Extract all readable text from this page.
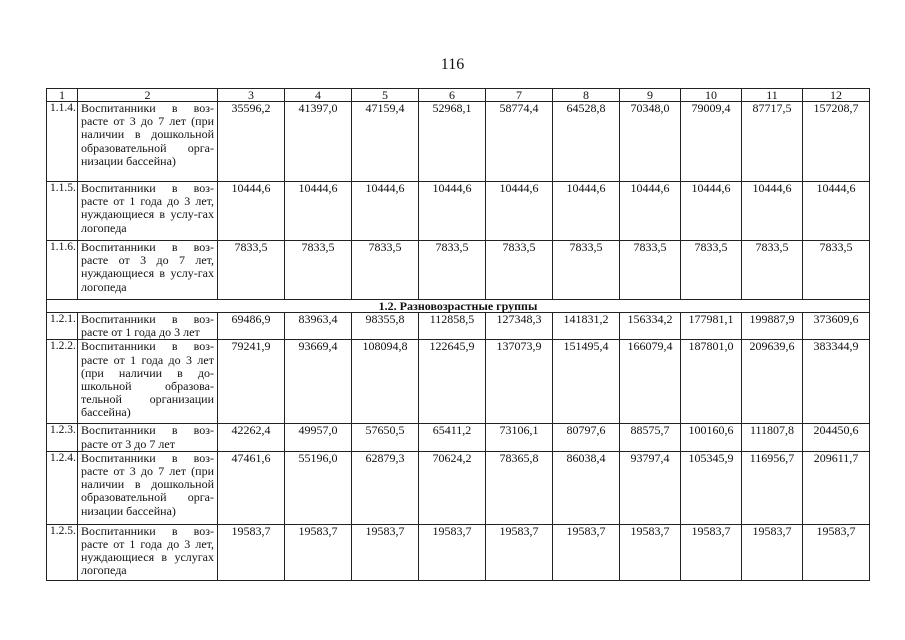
116
1	2	3	4	5	6	7	8	9	10	11	12
1.1.4.	Воспитанники в воз-расте от 3 до 7 лет (при наличии в дошкольной образовательной орга-низации бассейна)	35596,2	41397,0	47159,4	52968,1	58774,4	64528,8	70348,0	79009,4	87717,5	157208,7
1.1.5.	Воспитанники в воз-расте от 1 года до 3 лет, нуждающиеся в услу-гах логопеда	10444,6	10444,6	10444,6	10444,6	10444,6	10444,6	10444,6	10444,6	10444,6	10444,6
1.1.6.	Воспитанники в воз-расте от 3 до 7 лет, нуждающиеся в услу-гах логопеда	7833,5	7833,5	7833,5	7833,5	7833,5	7833,5	7833,5	7833,5	7833,5	7833,5
1.2. Разновозрастные группы											
1.2.1.	Воспитанники в воз-расте от 1 года до 3 лет	69486,9	83963,4	98355,8	112858,5	127348,3	141831,2	156334,2	177981,1	199887,9	373609,6
1.2.2.	Воспитанники в воз-расте от 1 года до 3 лет (при наличии в до-школьной образова-тельной организации бассейна)	79241,9	93669,4	108094,8	122645,9	137073,9	151495,4	166079,4	187801,0	209639,6	383344,9
1.2.3.	Воспитанники в воз-расте от 3 до 7 лет	42262,4	49957,0	57650,5	65411,2	73106,1	80797,6	88575,7	100160,6	111807,8	204450,6
1.2.4.	Воспитанники в воз-расте от 3 до 7 лет (при наличии в дошкольной образовательной орга-низации бассейна)	47461,6	55196,0	62879,3	70624,2	78365,8	86038,4	93797,4	105345,9	116956,7	209611,7
1.2.5.	Воспитанники в воз-расте от 1 года до 3 лет, нуждающиеся в услугах логопеда	19583,7	19583,7	19583,7	19583,7	19583,7	19583,7	19583,7	19583,7	19583,7	19583,7
